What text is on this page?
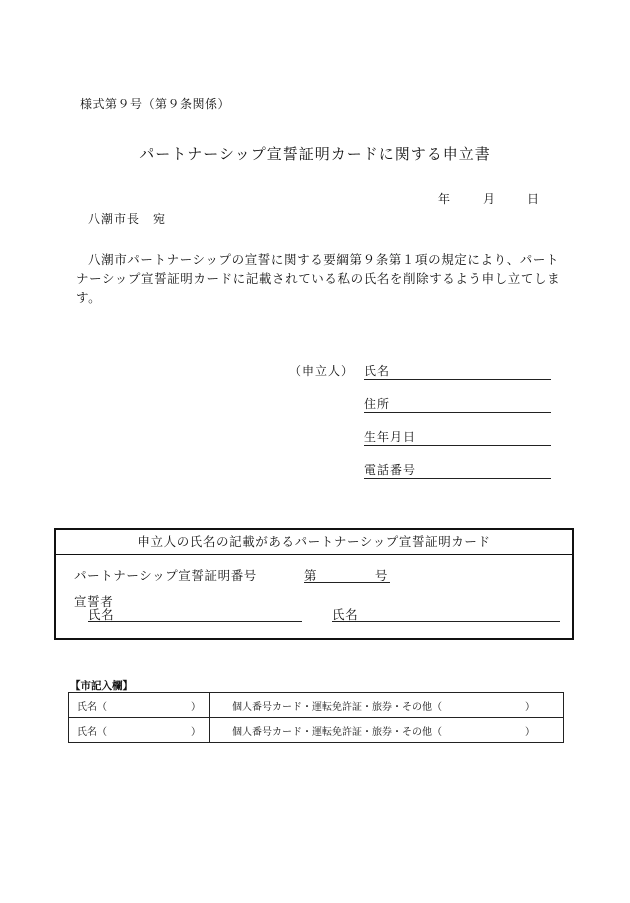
様式第９号（第９条関係）
パートナーシップ宣誓証明カードに関する申立書
年	月	日
八潮市長　宛
八潮市パートナーシップの宣誓に関する要綱第９条第１項の規定により、パートナーシップ宣誓証明カードに記載されている私の氏名を削除するよう申し立てします。
（申立人） 氏名
住所
生年月日
電話番号
申立人の氏名の記載があるパートナーシップ宣誓証明カード
パートナーシップ宣誓証明番号	第	号
宣誓者
氏名	氏名
【市記入欄】
氏名（ ）	個人番号カード・運転免許証・旅券・その他（ ）

氏名（ ）	個人番号カード・運転免許証・旅券・その他（ ）
